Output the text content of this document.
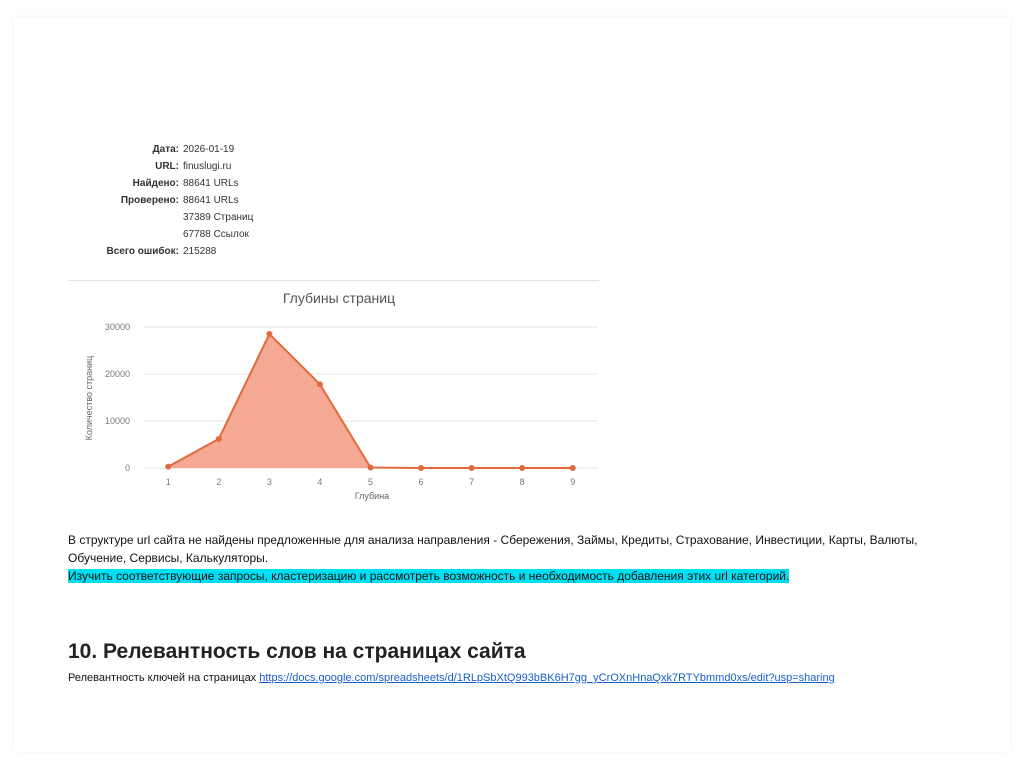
Дата: 2026-01-19
URL: finuslugi.ru
Найдено: 88641 URLs
Проверено: 88641 URLs
37389 Страниц
67788 Ссылок
Всего ошибок: 215288
Глубины страниц
Количество страниц
Глубина
0
10000
20000
30000
1	2	3	4	5	6	7	8	9
В структуре url сайта не найдены предложенные для анализа направления - Сбережения, Займы, Кредиты, Страхование, Инвестиции, Карты, Валюты, Обучение, Сервисы, Калькуляторы.
Изучить соответствующие запросы, кластеризацию и рассмотреть возможность и необходимость добавления этих url категорий.
10. Релевантность слов на страницах сайта
Релевантность ключей на страницах https://docs.google.com/spreadsheets/d/1RLpSbXtQ993bBK6H7gg_yCrOXnHnaQxk7RTYbmmd0xs/edit?usp=sharing
